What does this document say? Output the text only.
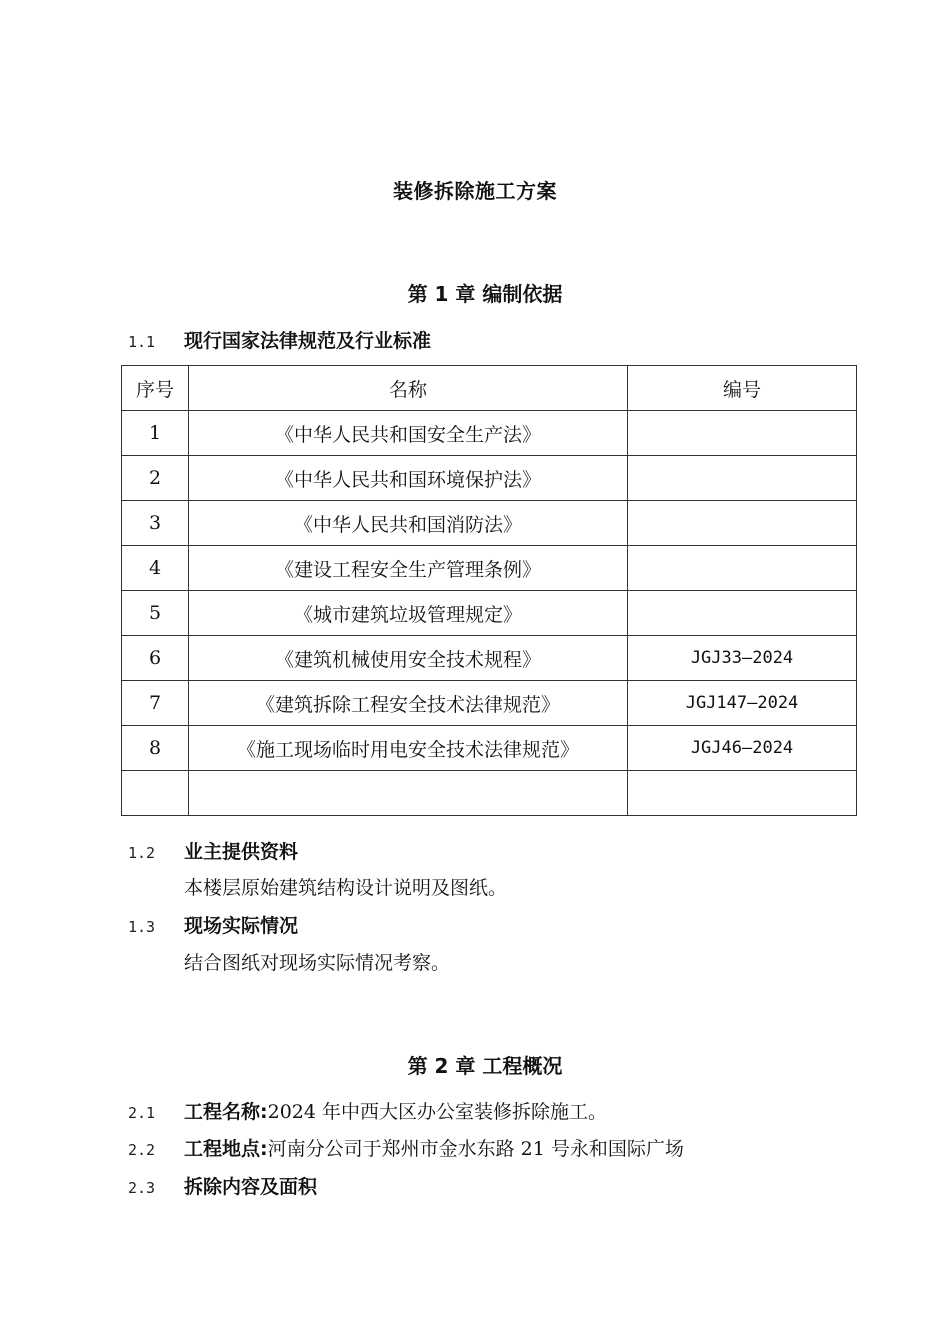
装修拆除施工方案
第 1 章 编制依据
1.1 现行国家法律规范及行业标准
序号	名称	编号
1	《中华人民共和国安全生产法》	
2	《中华人民共和国环境保护法》	
3	《中华人民共和国消防法》	
4	《建设工程安全生产管理条例》	
5	《城市建筑垃圾管理规定》	
6	《建筑机械使用安全技术规程》	JGJ33—2024
7	《建筑拆除工程安全技术法律规范》	JGJ147—2024
8	《施工现场临时用电安全技术法律规范》	JGJ46—2024

1.2 业主提供资料
本楼层原始建筑结构设计说明及图纸。
1.3 现场实际情况
结合图纸对现场实际情况考察。
第 2 章 工程概况
2.1 工程名称:2024 年中西大区办公室装修拆除施工。
2.2 工程地点:河南分公司于郑州市金水东路 21 号永和国际广场
2.3 拆除内容及面积
